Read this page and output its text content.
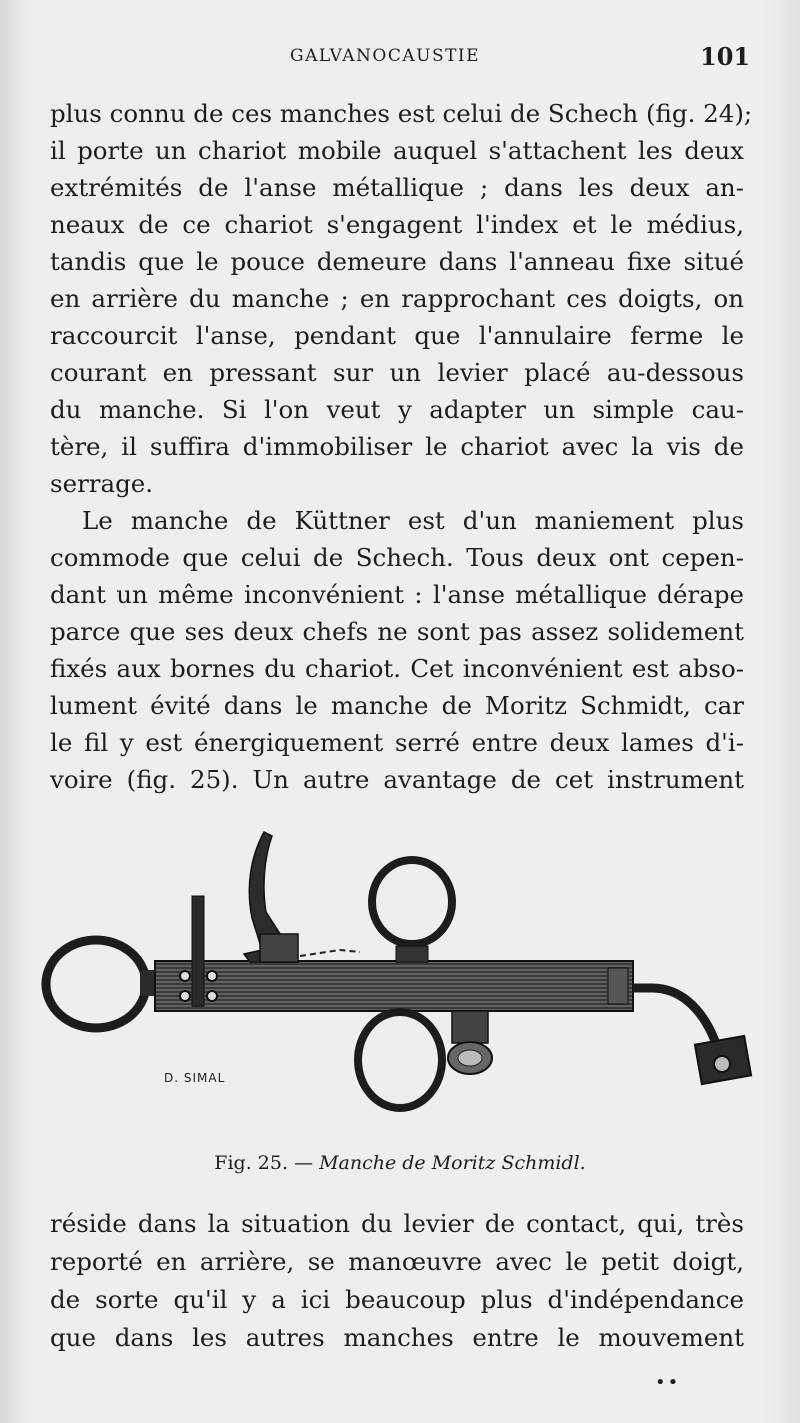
GALVANOCAUSTIE	101
plus connu de ces manches est celui de Schech (fig. 24);
il porte un chariot mobile auquel s'attachent les deux
extrémités de l'anse métallique ; dans les deux an-
neaux de ce chariot s'engagent l'index et le médius,
tandis que le pouce demeure dans l'anneau fixe situé
en arrière du manche ; en rapprochant ces doigts, on
raccourcit l'anse, pendant que l'annulaire ferme le
courant en pressant sur un levier placé au-dessous
du manche. Si l'on veut y adapter un simple cau-
tère, il suffira d'immobiliser le chariot avec la vis de
serrage.
Le manche de Küttner est d'un maniement plus
commode que celui de Schech. Tous deux ont cepen-
dant un même inconvénient : l'anse métallique dérape
parce que ses deux chefs ne sont pas assez solidement
fixés aux bornes du chariot. Cet inconvénient est abso-
lument évité dans le manche de Moritz Schmidt, car
le fil y est énergiquement serré entre deux lames d'i-
voire (fig. 25). Un autre avantage de cet instrument
D. SIMAL
Fig. 25. — Manche de Moritz Schmidl.
réside dans la situation du levier de contact, qui, très
reporté en arrière, se manœuvre avec le petit doigt,
de sorte qu'il y a ici beaucoup plus d'indépendance
que dans les autres manches entre le mouvement
••
